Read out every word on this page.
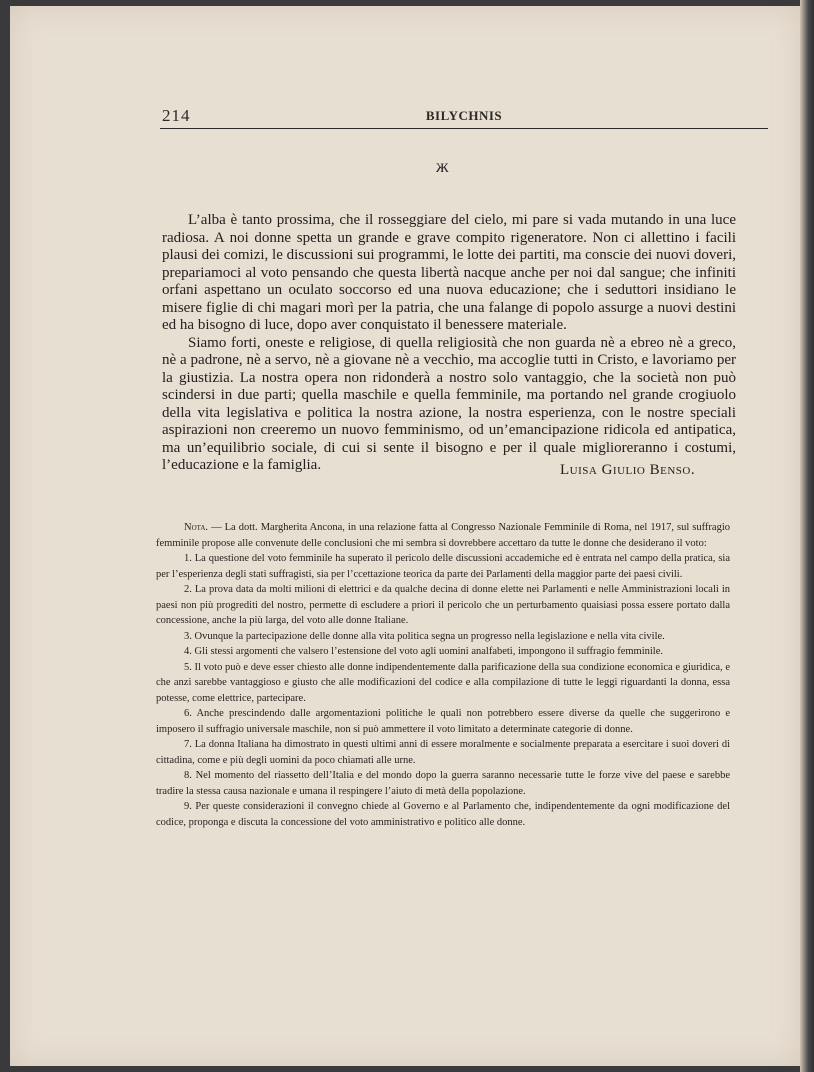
214	BILYCHNIS
ж

L’alba è tanto prossima, che il rosseggiare del cielo, mi pare si vada mutando in una luce radiosa. A noi donne spetta un grande e grave compito rigeneratore. Non ci allettino i facili plausi dei comizi, le discussioni sui programmi, le lotte dei partiti, ma conscie dei nuovi doveri, prepariamoci al voto pensando che questa libertà nacque anche per noi dal sangue; che infiniti orfani aspettano un oculato soccorso ed una nuova educazione; che i seduttori insidiano le misere figlie di chi magari morì per la patria, che una falange di popolo assurge a nuovi destini ed ha bisogno di luce, dopo aver conquistato il benessere materiale.

Siamo forti, oneste e religiose, di quella religiosità che non guarda nè a ebreo nè a greco, nè a padrone, nè a servo, nè a giovane nè a vecchio, ma accoglie tutti in Cristo, e lavoriamo per la giustizia. La nostra opera non ridonderà a nostro solo vantaggio, che la società non può scindersi in due parti; quella maschile e quella femminile, ma portando nel grande crogiuolo della vita legislativa e politica la nostra azione, la nostra esperienza, con le nostre speciali aspirazioni non creeremo un nuovo femminismo, od un’emancipazione ridicola ed antipatica, ma un’equilibrio sociale, di cui si sente il bisogno e per il quale miglioreranno i costumi, l’educazione e la famiglia.	Luisa Giulio Benso.

Nota. — La dott. Margherita Ancona, in una relazione fatta al Congresso Nazionale Femminile di Roma, nel 1917, sul suffragio femminile propose alle convenute delle conclusioni che mi sembra si dovrebbere accettaro da tutte le donne che desiderano il voto:

1. La questione del voto femminile ha superato il pericolo delle discussioni accademiche ed è entrata nel campo della pratica, sia per l’esperienza degli stati suffragisti, sia per l’ccettazione teorica da parte dei Parlamenti della maggior parte dei paesi civili.

2. La prova data da molti milioni di elettrici e da qualche decina di donne elette nei Parlamenti e nelle Amministrazioni locali in paesi non più progrediti del nostro, permette di escludere a priori il pericolo che un perturbamento quaisiasi possa essere portato dalla concessione, anche la più larga, del voto alle donne Italiane.

3. Ovunque la partecipazione delle donne alla vita politica segna un progresso nella legislazione e nella vita civile.

4. Gli stessi argomenti che valsero l’estensione del voto agli uomini analfabeti, impongono il suffragio femminile.

5. Il voto può e deve esser chiesto alle donne indipendentemente dalla parificazione della sua condizione economica e giuridica, e che anzi sarebbe vantaggioso e giusto che alle modificazioni del codice e alla compilazione di tutte le leggi riguardanti la donna, essa potesse, come elettrice, partecipare.

6. Anche prescindendo dalle argomentazioni politiche le quali non potrebbero essere diverse da quelle che suggerirono e imposero il suffragio universale maschile, non si può ammettere il voto limitato a determinate categorie di donne.

7. La donna Italiana ha dimostrato in questi ultimi anni di essere moralmente e socialmente preparata a esercitare i suoi doveri di cittadina, come e più degli uomini da poco chiamati alle urne.

8. Nel momento del riassetto dell’Italia e del mondo dopo la guerra saranno necessarie tutte le forze vive del paese e sarebbe tradire la stessa causa nazionale e umana il respingere l’aiuto di metà della popolazione.

9. Per queste considerazioni il convegno chiede al Governo e al Parlamento che, indipendentemente da ogni modificazione del codice, proponga e discuta la concessione del voto amministrativo e politico alle donne.
